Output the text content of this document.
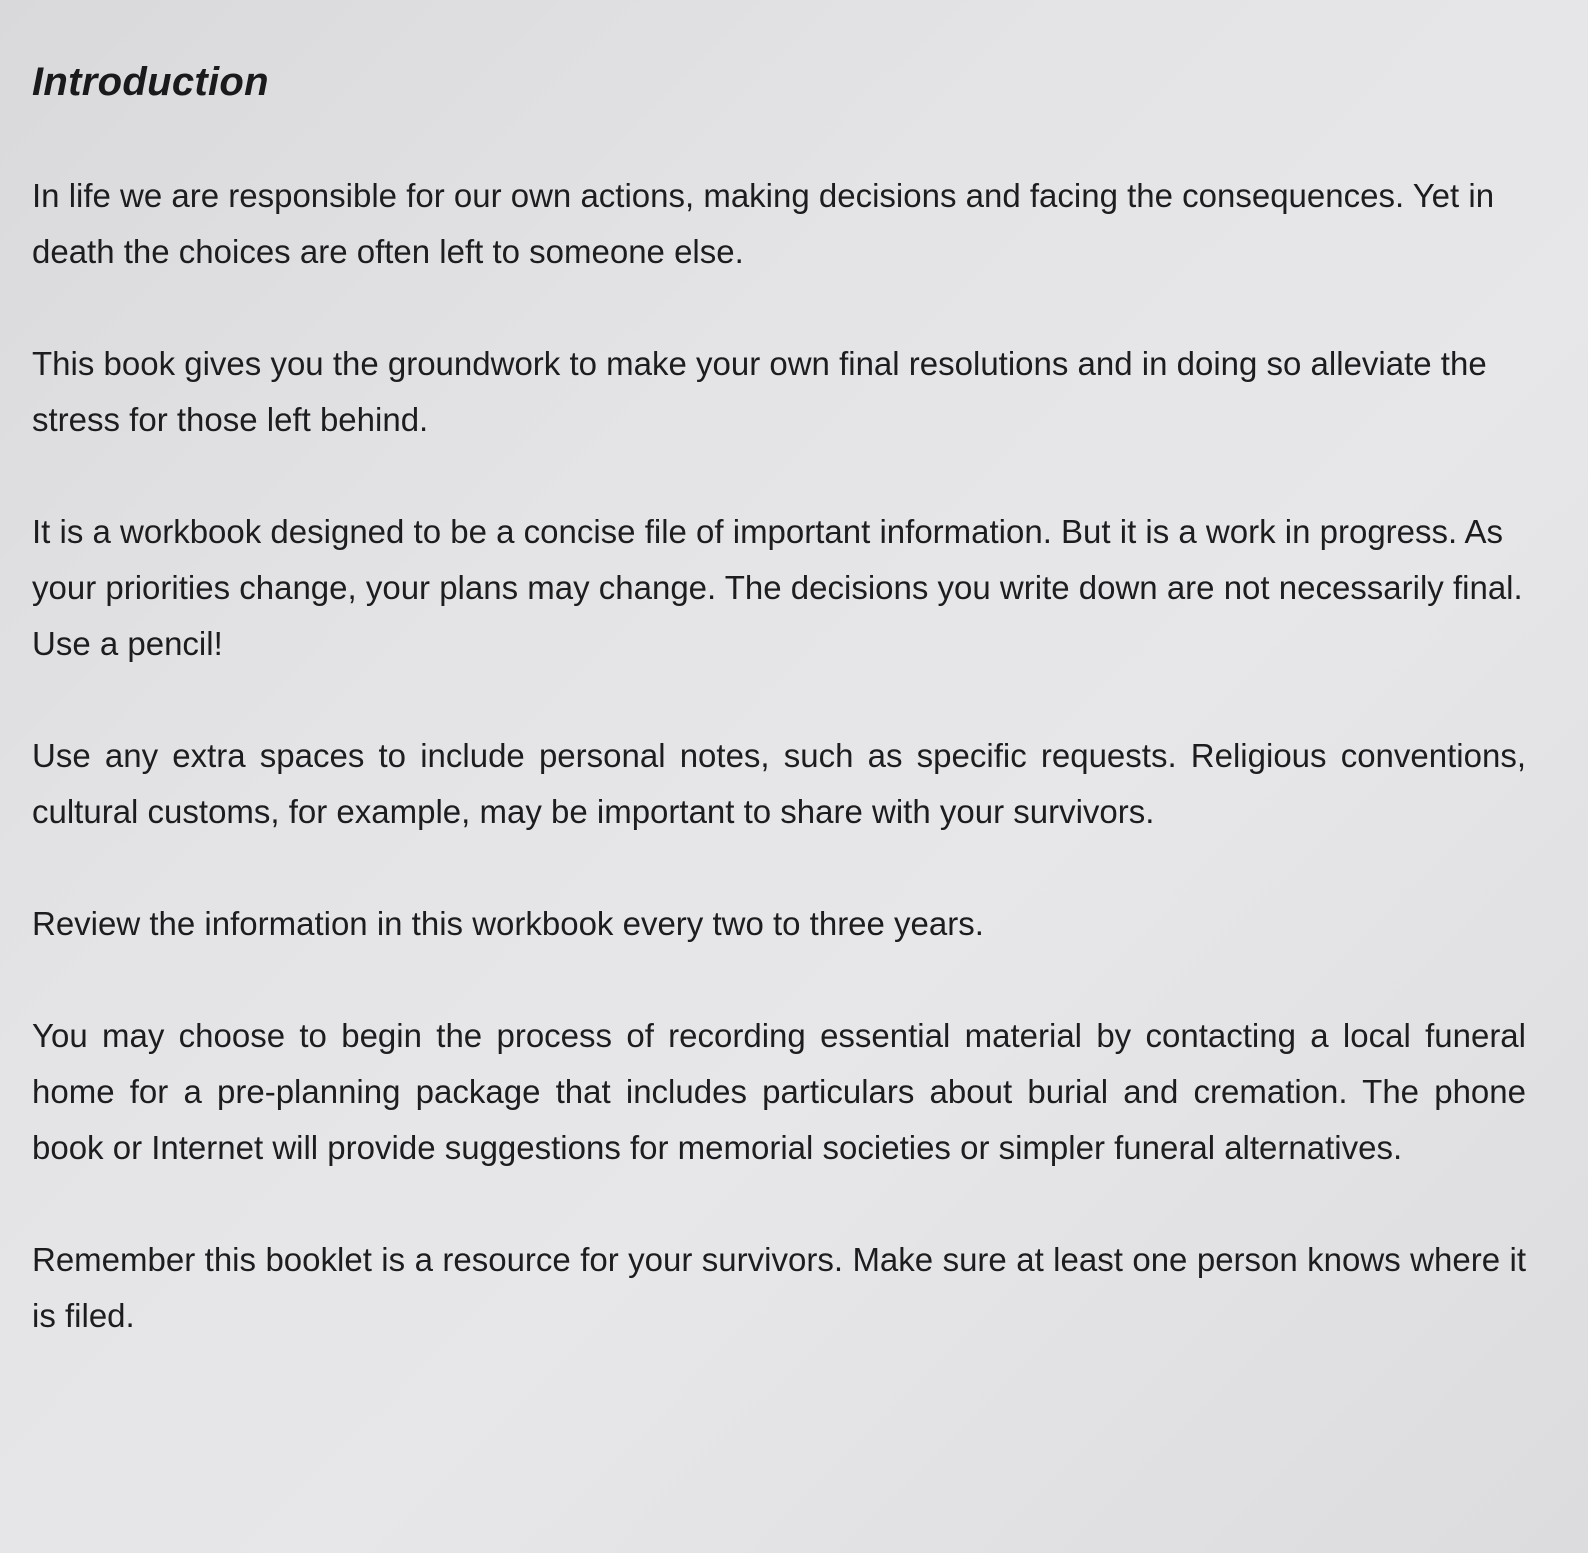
Introduction

In life we are responsible for our own actions, making decisions and facing the consequences. Yet in death the choices are often left to someone else.

This book gives you the groundwork to make your own final resolutions and in doing so alleviate the stress for those left behind.

It is a workbook designed to be a concise file of important information. But it is a work in progress. As your priorities change, your plans may change. The decisions you write down are not necessarily final. Use a pencil!

Use any extra spaces to include personal notes, such as specific requests. Religious conventions, cultural customs, for example, may be important to share with your survivors.

Review the information in this workbook every two to three years.

You may choose to begin the process of recording essential material by contacting a local funeral home for a pre-planning package that includes particulars about burial and cremation. The phone book or Internet will provide suggestions for memorial societies or simpler funeral alternatives.

Remember this booklet is a resource for your survivors. Make sure at least one person knows where it is filed.
